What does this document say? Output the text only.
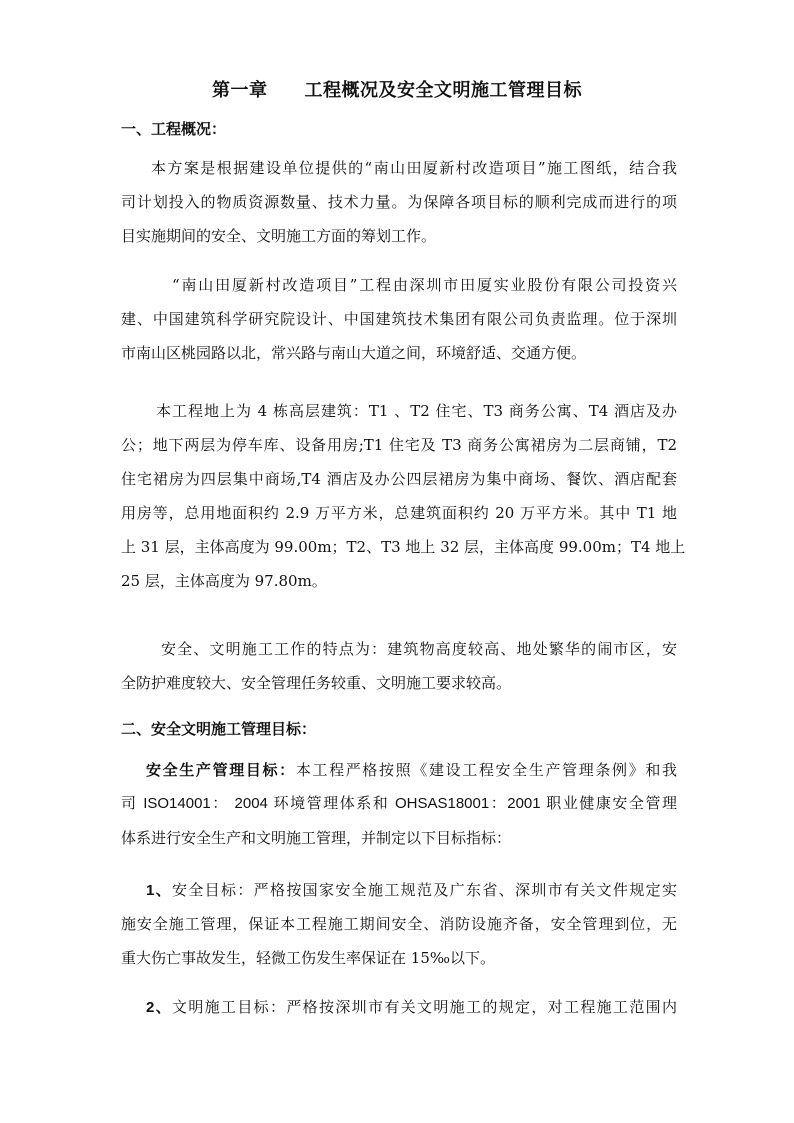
第一章　　工程概况及安全文明施工管理目标
一、工程概况：
本方案是根据建设单位提供的“南山田厦新村改造项目”施工图纸，结合我
司计划投入的物质资源数量、技术力量。为保障各项目标的顺利完成而进行的项
目实施期间的安全、文明施工方面的筹划工作。
“南山田厦新村改造项目”工程由深圳市田厦实业股份有限公司投资兴
建、中国建筑科学研究院设计、中国建筑技术集团有限公司负责监理。位于深圳
市南山区桃园路以北，常兴路与南山大道之间，环境舒适、交通方便。
本工程地上为 4 栋高层建筑：T1 、T2 住宅、T3 商务公寓、T4 酒店及办
公；地下两层为停车库、设备用房;T1 住宅及 T3 商务公寓裙房为二层商铺，T2
住宅裙房为四层集中商场,T4 酒店及办公四层裙房为集中商场、餐饮、酒店配套
用房等，总用地面积约 2.9 万平方米，总建筑面积约 20 万平方米。其中 T1 地
上 31 层，主体高度为 99.00m；T2、T3 地上 32 层，主体高度 99.00m；T4 地上
25 层，主体高度为 97.80m。
安全、文明施工工作的特点为：建筑物高度较高、地处繁华的闹市区，安
全防护难度较大、安全管理任务较重、文明施工要求较高。
二、安全文明施工管理目标：
安全生产管理目标：本工程严格按照《建设工程安全生产管理条例》和我
司 ISO14001： 2004 环境管理体系和 OHSAS18001：2001 职业健康安全管理
体系进行安全生产和文明施工管理，并制定以下目标指标：
1、安全目标：严格按国家安全施工规范及广东省、深圳市有关文件规定实
施安全施工管理，保证本工程施工期间安全、消防设施齐备，安全管理到位，无
重大伤亡事故发生，轻微工伤发生率保证在 15‰以下。
2、文明施工目标：严格按深圳市有关文明施工的规定，对工程施工范围内
